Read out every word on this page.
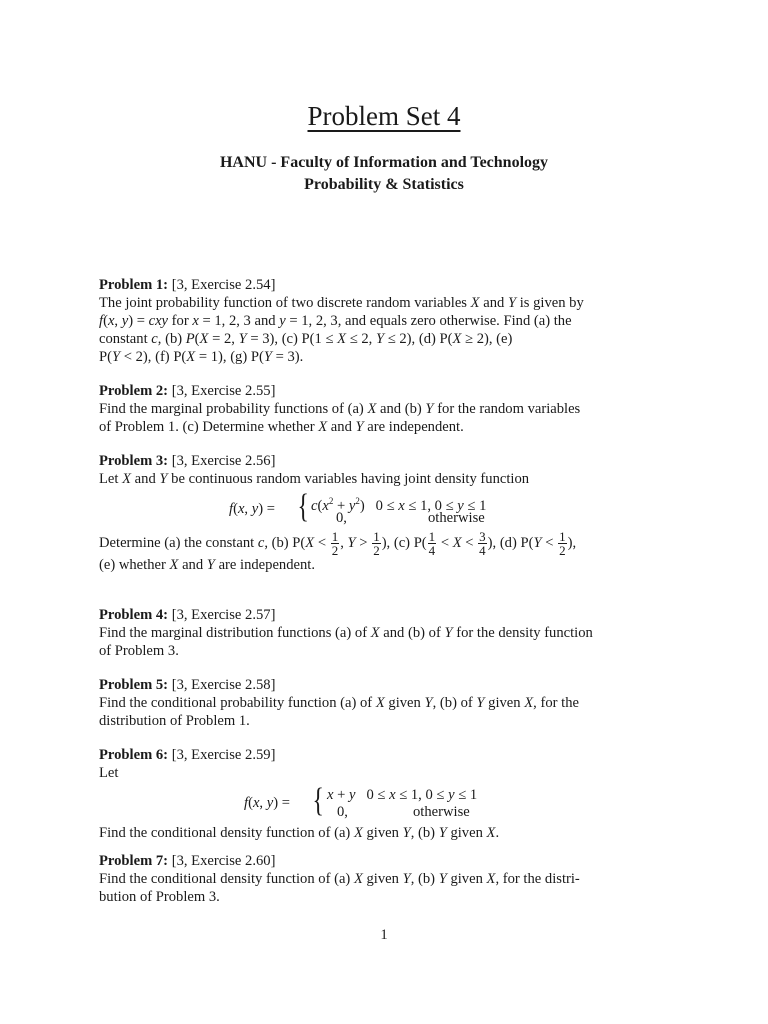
Problem Set 4
HANU - Faculty of Information and Technology
Probability & Statistics
Problem 1: [3, Exercise 2.54]
The joint probability function of two discrete random variables X and Y is given by
f(x, y) = cxy for x = 1, 2, 3 and y = 1, 2, 3, and equals zero otherwise. Find (a) the
constant c, (b) P(X = 2, Y = 3), (c) P(1 ≤ X ≤ 2, Y ≤ 2), (d) P(X ≥ 2), (e)
P(Y < 2), (f) P(X = 1), (g) P(Y = 3).
Problem 2: [3, Exercise 2.55]
Find the marginal probability functions of (a) X and (b) Y for the random variables
of Problem 1. (c) Determine whether X and Y are independent.
Problem 3: [3, Exercise 2.56]
Let X and Y be continuous random variables having joint density function
f(x, y) = { $c(x^2 + y^2) 0 \le x \le 1$, 0 ≤ y ≤ 1
0,	otherwise
Determine (a) the constant c, (b) $P(X < \frac{1}{2}$ , $Y > \frac{1}{2}$ ), (c) $P( \frac{1}{4} < X < \frac{3}{4}$ ), (d) $P(Y < \frac{1}{2}$ ),
(e) whether X and Y are independent.
Problem 4: [3, Exercise 2.57]
Find the marginal distribution functions (a) of X and (b) of Y for the density function
of Problem 3.
Problem 5: [3, Exercise 2.58]
Find the conditional probability function (a) of X given Y, (b) of Y given X, for the
distribution of Problem 1.
Problem 6: [3, Exercise 2.59]
Let
f(x, y) = { x + y   0 ≤ x ≤ 1, 0 ≤ y ≤ 1
0,	otherwise
Find the conditional density function of (a) X given Y, (b) Y given X.
Problem 7: [3, Exercise 2.60]
Find the conditional density function of (a) X given Y, (b) Y given X, for the distri-
bution of Problem 3.
1
